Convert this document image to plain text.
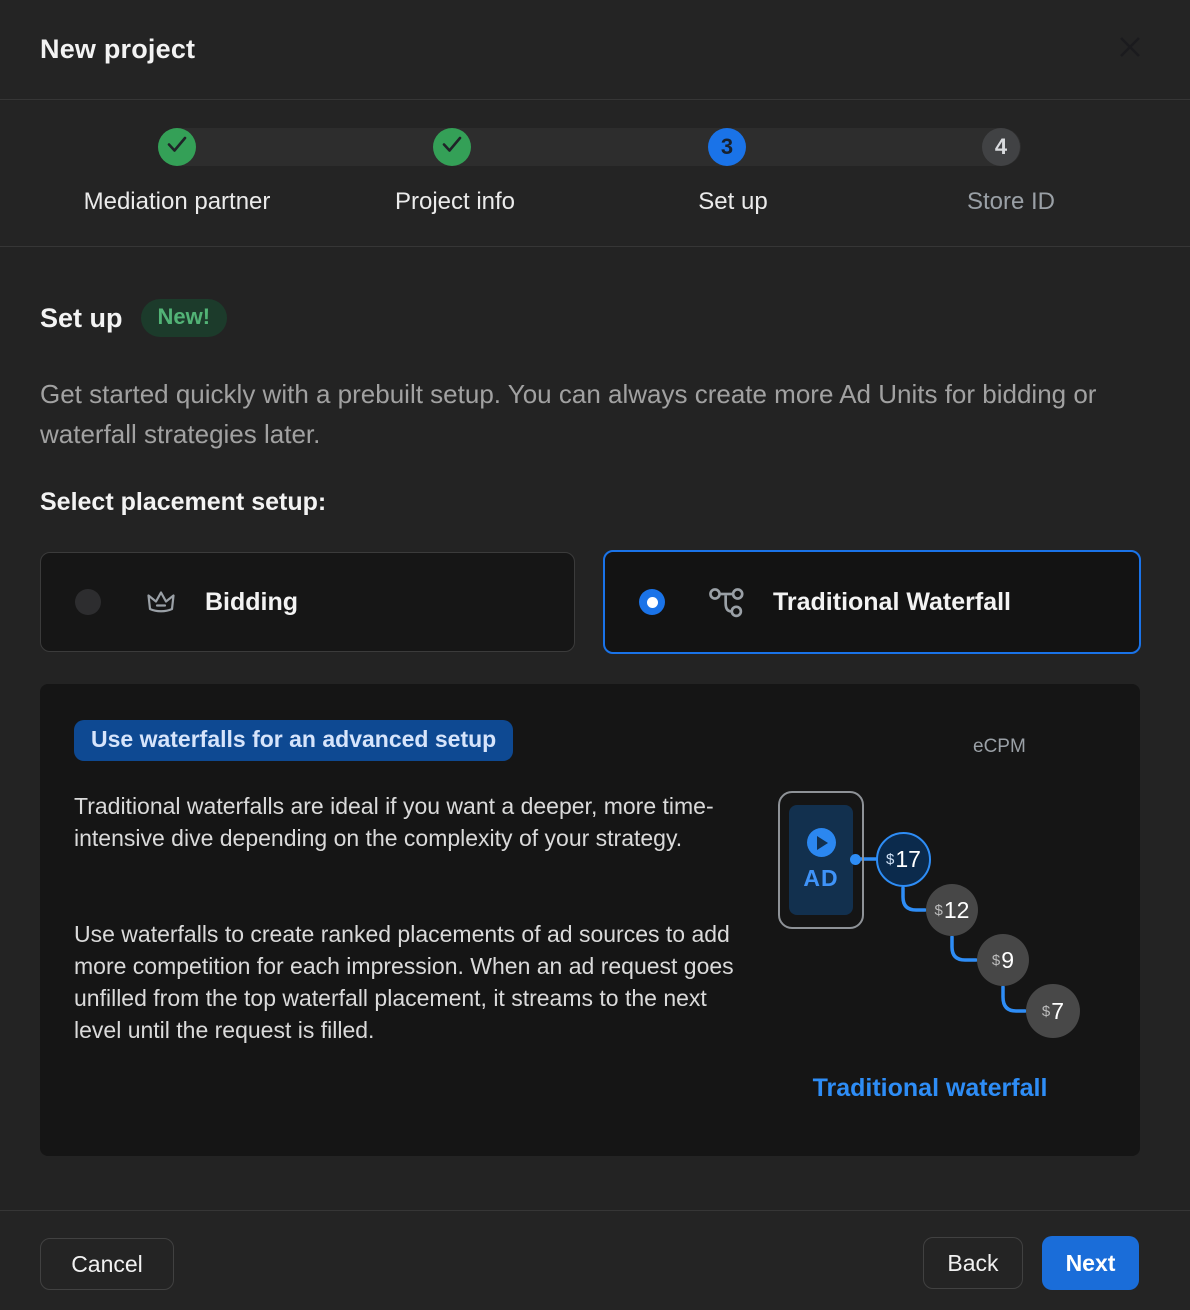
New project
3	4
Mediation partner	Project info	Set up	Store ID
Set up	New!
Get started quickly with a prebuilt setup. You can always create more Ad Units for bidding or waterfall strategies later.
Select placement setup:
Bidding	Traditional Waterfall
Use waterfalls for an advanced setup
Traditional waterfalls are ideal if you want a deeper, more time-intensive dive depending on the complexity of your strategy.
Use waterfalls to create ranked placements of ad sources to add more competition for each impression. When an ad request goes unfilled from the top waterfall placement, it streams to the next level until the request is filled.
eCPM
AD
$ 17
$ 12
$ 9
$ 7
Traditional waterfall
Cancel	Back	Next
